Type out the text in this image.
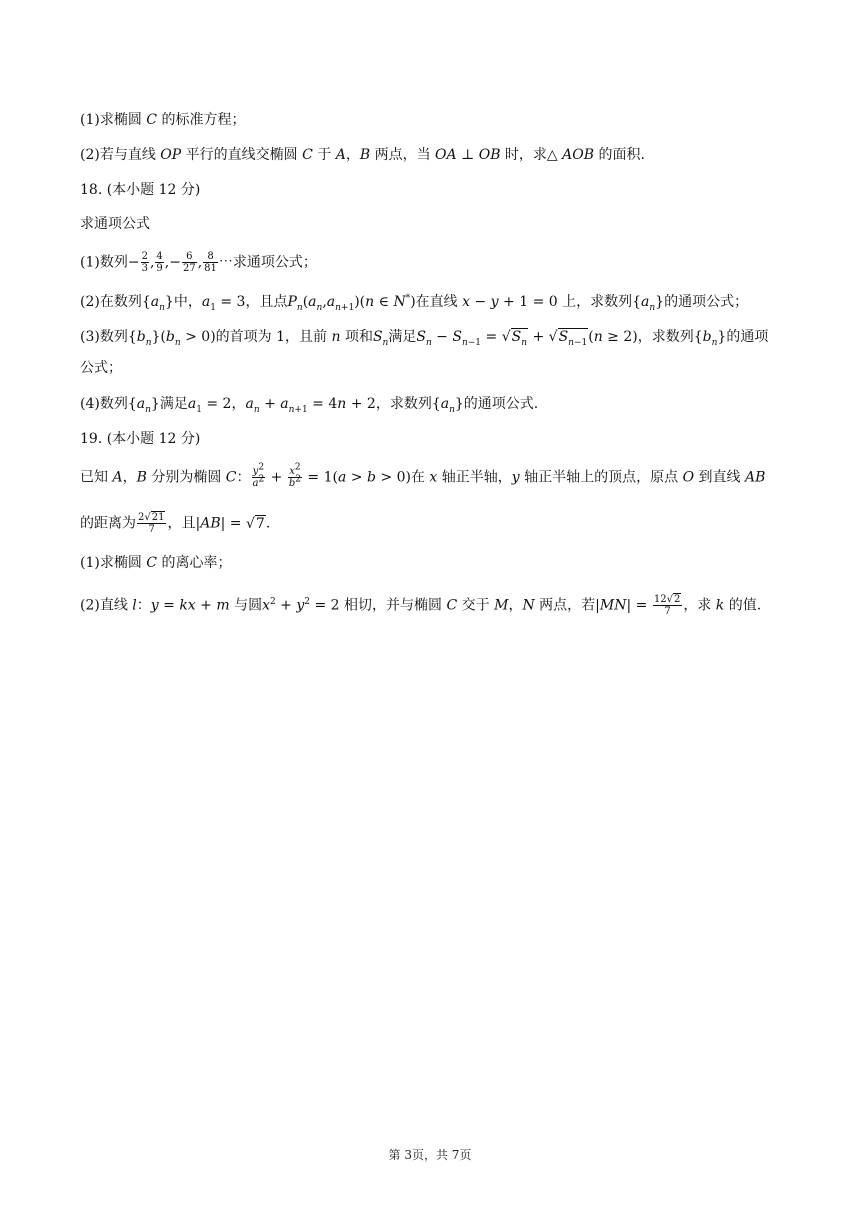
(1)求椭圆 C 的标准方程；
(2)若与直线 OP 平行的直线交椭圆 C 于 A，B 两点，当 OA ⊥ OB 时，求△ AOB 的面积.
18. (本小题 12 分)
求通项公式
(1)数列− $\frac{2}{3}$ , $\frac{4}{9}$ ,− $\frac{6}{27}$ , $\frac{8}{81}$ ⋯求通项公式；
(2)在数列$\{a_n\}$中，$a_1 = 3$，且点$P_n(a_n,a_{n+1})(n$ ∈ N*)在直线 x − y + 1 = 0 上，求数列$\{a_n\}$的通项公式；
(3)数列$\{b_n\}(b_n > 0)$的首项为 1，且前 n 项和$S_n$满足$S_n - S_{n-1} = √S_n + √S_{n-1}(n \ge 2)$，求数列$\{b_n\}$的通项
公式；
(4)数列$\{a_n\}$满足$a_1 = 2$，$a_n + a_{n+1} = 4n + 2$，求数列$\{a_n\}$的通项公式.
19. (本小题 12 分)
已知 A，B 分别为椭圆 C： $\frac{y^2}{a^2} + \frac{x^2}{b^2} = 1(a > b > 0)$在 x 轴正半轴，y 轴正半轴上的顶点，原点 O 到直线 AB
的距离为 $\frac{2√21}{7}$ ，且|AB| = √7.
(1)求椭圆 C 的离心率；
(2)直线 l：y = kx + m 与圆$x^2 + y^2 = 2$ 相切，并与椭圆 C 交于 M，N 两点，若$|MN| = \frac{12√2}{7}$ ，求 k 的值.
第 3页，共 7页
